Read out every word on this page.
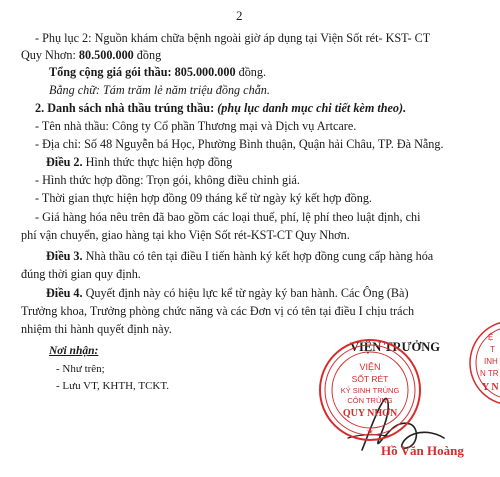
2
- Phụ lục 2: Nguồn khám chữa bệnh ngoài giờ áp dụng tại Viện Sốt rét- KST- CT
Quy Nhơn: 80.500.000 đồng
Tổng cộng giá gói thầu: 805.000.000 đồng.
Bằng chữ: Tám trăm lẻ năm triệu đồng chẵn.
2. Danh sách nhà thầu trúng thầu: (phụ lục danh mục chi tiết kèm theo).
- Tên nhà thầu: Công ty Cổ phần Thương mại và Dịch vụ Artcare.
- Địa chỉ: Số 48 Nguyễn bá Học, Phường Bình thuận, Quận hải Châu, TP. Đà Nẵng.
Điều 2. Hình thức thực hiện hợp đồng
- Hình thức hợp đồng: Trọn gói, không điều chỉnh giá.
- Thời gian thực hiện hợp đồng 09 tháng kể từ ngày ký kết hợp đồng.
- Giá hàng hóa nêu trên đã bao gồm các loại thuế, phí, lệ phí theo luật định, chi
phí vận chuyển, giao hàng tại kho Viện Sốt rét-KST-CT Quy Nhơn.
Điều 3. Nhà thầu có tên tại điều I tiến hành ký kết hợp đồng cung cấp hàng hóa
đúng thời gian quy định.
Điều 4. Quyết định này có hiệu lực kể từ ngày ký ban hành. Các Ông (Bà)
Trưởng khoa, Trưởng phòng chức năng và các Đơn vị có tên tại điều I chịu trách
nhiệm thi hành quyết định này.
Nơi nhận:
- Như trên;
- Lưu VT, KHTH, TCKT.
VIỆN TRƯỞNG
VIỆN
SỐT RÉT
KÝ SINH TRÙNG
CÔN TRÙNG
QUY NHƠN
★
Hồ Văn Hoàng
Ệ
T
INH
N TR
Y N
